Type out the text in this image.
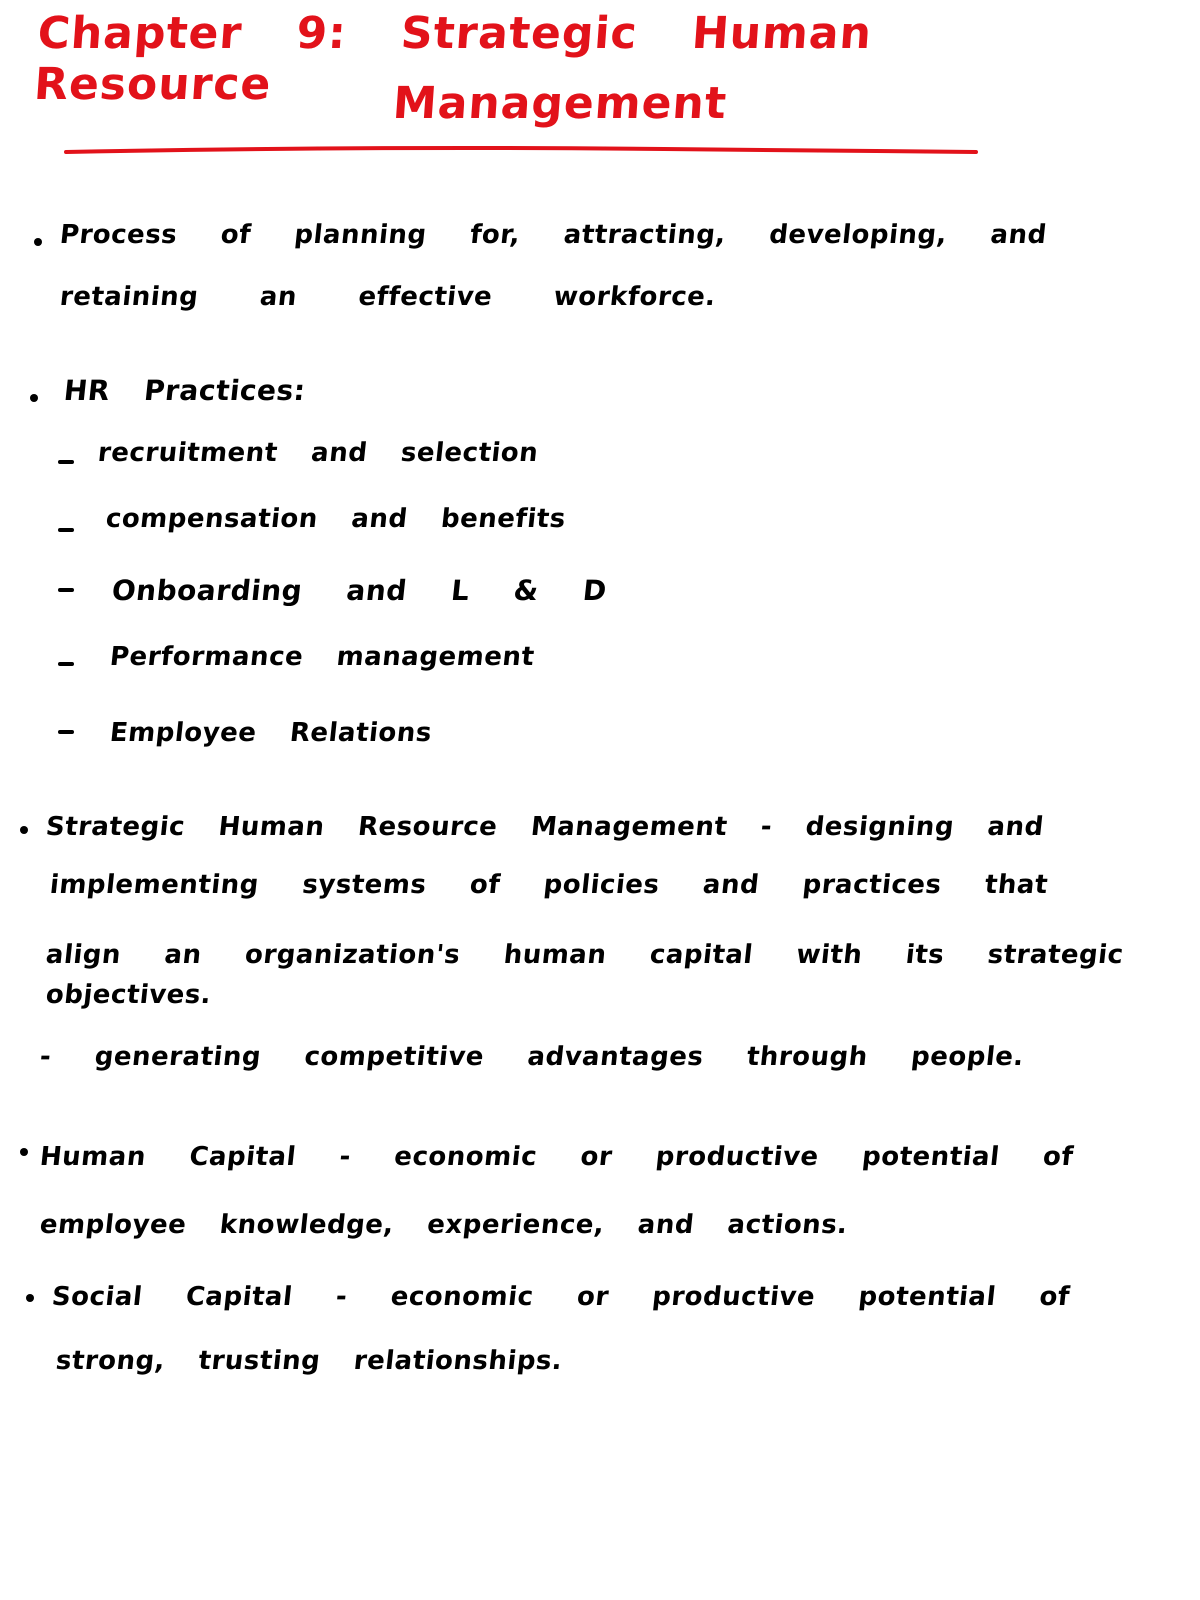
Chapter 9: Strategic Human Resource	Management
Process of planning for, attracting, developing, and
retaining an effective workforce.
HR Practices:
recruitment and selection
compensation and benefits
Onboarding and L & D
Performance management
Employee Relations
Strategic Human Resource Management - designing and
implementing systems of policies and practices that
align an organization's human capital with its strategic
objectives.
- generating competitive advantages through people.
Human Capital - economic or productive potential of
employee knowledge, experience, and actions.
Social Capital - economic or productive potential of
strong, trusting relationships.
